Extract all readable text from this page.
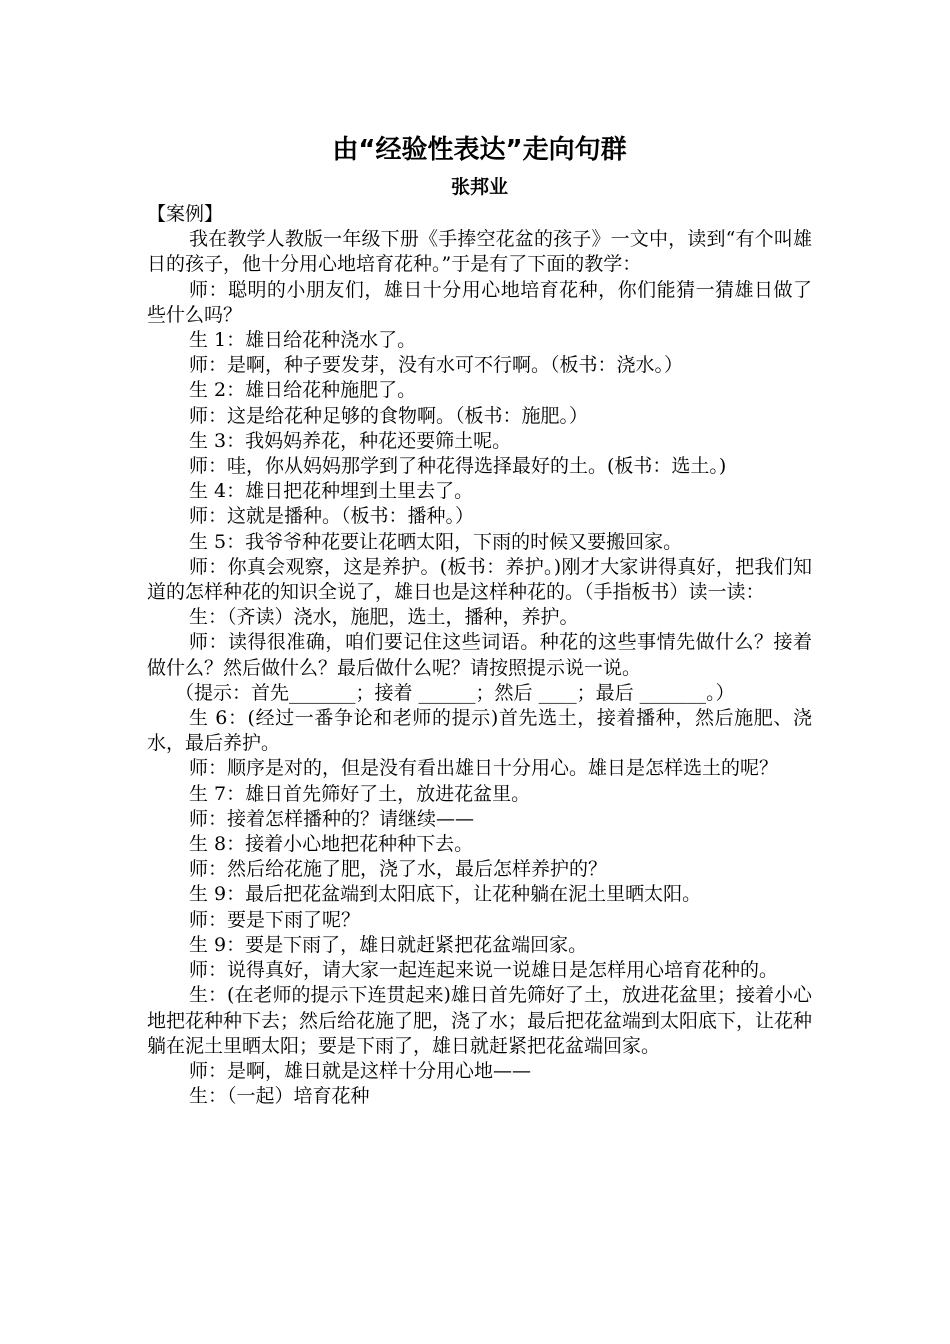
由“经验性表达”走向句群
张邦业
【案例】

我在教学人教版一年级下册《手捧空花盆的孩子》一文中，读到“有个叫雄日的孩子，他十分用心地培育花种。”于是有了下面的教学：

师：聪明的小朋友们，雄日十分用心地培育花种，你们能猜一猜雄日做了些什么吗？

生 1：雄日给花种浇水了。

师：是啊，种子要发芽，没有水可不行啊。（板书：浇水。）

生 2：雄日给花种施肥了。

师：这是给花种足够的食物啊。（板书：施肥。）

生 3：我妈妈养花，种花还要筛土呢。

师：哇，你从妈妈那学到了种花得选择最好的土。(板书：选土。)

生 4：雄日把花种埋到土里去了。

师：这就是播种。（板书：播种。）

生 5：我爷爷种花要让花晒太阳，下雨的时候又要搬回家。

师：你真会观察，这是养护。(板书：养护。)刚才大家讲得真好，把我们知道的怎样种花的知识全说了，雄日也是这样种花的。（手指板书）读一读：

生：（齐读）浇水，施肥，选土，播种，养护。

师：读得很准确，咱们要记住这些词语。种花的这些事情先做什么？接着做什么？然后做什么？最后做什么呢？请按照提示说一说。

（提示：首先_______；接着 ______；然后 ____；最后 _______。）

生 6：(经过一番争论和老师的提示)首先选土，接着播种，然后施肥、浇水，最后养护。

师：顺序是对的，但是没有看出雄日十分用心。雄日是怎样选土的呢？

生 7：雄日首先筛好了土，放进花盆里。

师：接着怎样播种的？请继续——

生 8：接着小心地把花种种下去。

师：然后给花施了肥，浇了水，最后怎样养护的？

生 9：最后把花盆端到太阳底下，让花种躺在泥土里晒太阳。

师：要是下雨了呢？

生 9：要是下雨了，雄日就赶紧把花盆端回家。

师：说得真好，请大家一起连起来说一说雄日是怎样用心培育花种的。

生：(在老师的提示下连贯起来)雄日首先筛好了土，放进花盆里；接着小心地把花种种下去；然后给花施了肥，浇了水；最后把花盆端到太阳底下，让花种躺在泥土里晒太阳；要是下雨了，雄日就赶紧把花盆端回家。

师：是啊，雄日就是这样十分用心地——

生：（一起）培育花种
